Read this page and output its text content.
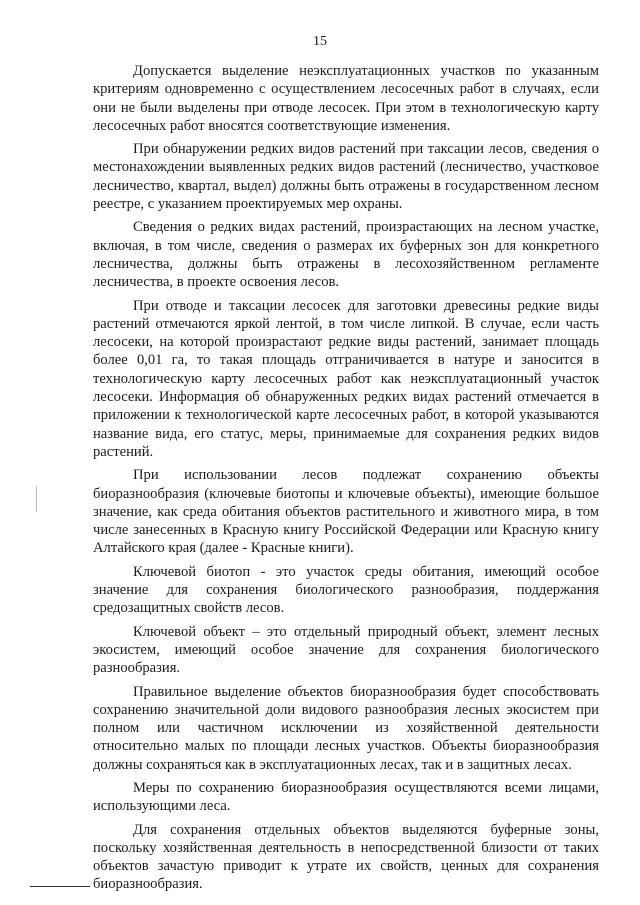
15

Допускается выделение неэксплуатационных участков по указанным критериям одновременно с осуществлением лесосечных работ в случаях, если они не были выделены при отводе лесосек. При этом в технологическую карту лесосечных работ вносятся соответствующие изменения.

При обнаружении редких видов растений при таксации лесов, сведения о местонахождении выявленных редких видов растений (лесничество, участковое лесничество, квартал, выдел) должны быть отражены в государственном лесном реестре, с указанием проектируемых мер охраны.

Сведения о редких видах растений, произрастающих на лесном участке, включая, в том числе, сведения о размерах их буферных зон для конкретного лесничества, должны быть отражены в лесохозяйственном регламенте лесничества, в проекте освоения лесов.

При отводе и таксации лесосек для заготовки древесины редкие виды растений отмечаются яркой лентой, в том числе липкой. В случае, если часть лесосеки, на которой произрастают редкие виды растений, занимает площадь более 0,01 га, то такая площадь отграничивается в натуре и заносится в технологическую карту лесосечных работ как неэксплуатационный участок лесосеки. Информация об обнаруженных редких видах растений отмечается в приложении к технологической карте лесосечных работ, в которой указываются название вида, его статус, меры, принимаемые для сохранения редких видов растений.

При использовании лесов подлежат сохранению объекты биоразнообразия (ключевые биотопы и ключевые объекты), имеющие большое значение, как среда обитания объектов растительного и животного мира, в том числе занесенных в Красную книгу Российской Федерации или Красную книгу Алтайского края (далее - Красные книги).

Ключевой биотоп - это участок среды обитания, имеющий особое значение для сохранения биологического разнообразия, поддержания средозащитных свойств лесов.

Ключевой объект – это отдельный природный объект, элемент лесных экосистем, имеющий особое значение для сохранения биологического разнообразия.

Правильное выделение объектов биоразнообразия будет способствовать сохранению значительной доли видового разнообразия лесных экосистем при полном или частичном исключении из хозяйственной деятельности относительно малых по площади лесных участков. Объекты биоразнообразия должны сохраняться как в эксплуатационных лесах, так и в защитных лесах.

Меры по сохранению биоразнообразия осуществляются всеми лицами, использующими леса.

Для сохранения отдельных объектов выделяются буферные зоны, поскольку хозяйственная деятельность в непосредственной близости от таких объектов зачастую приводит к утрате их свойств, ценных для сохранения биоразнообразия.
